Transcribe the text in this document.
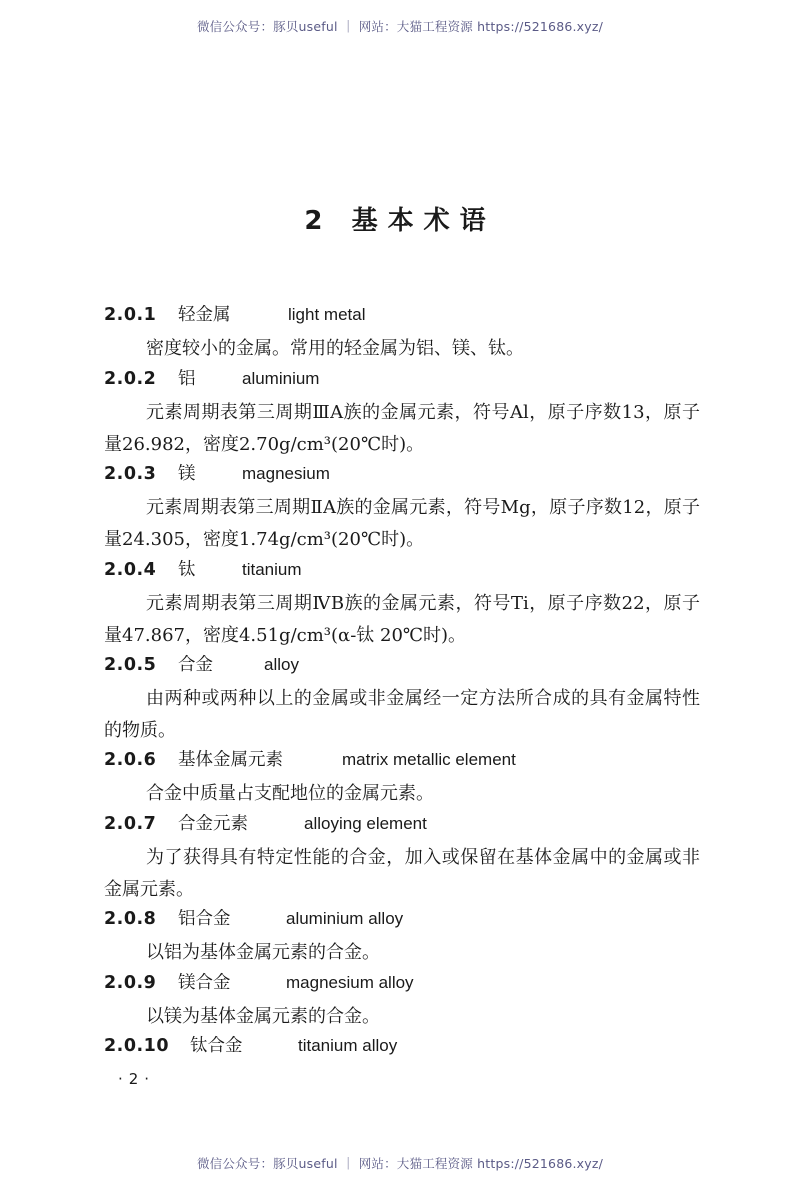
微信公众号：豚贝useful ｜ 网站：大猫工程资源 https://521686.xyz/
2 基本术语
2.0.1 轻金属	light metal
密度较小的金属。常用的轻金属为铝、镁、钛。
2.0.2 铝	aluminium
元素周期表第三周期ⅢA族的金属元素，符号Al，原子序数13，原子量26.982，密度2.70g/cm³(20℃时)。
2.0.3 镁	magnesium
元素周期表第三周期ⅡA族的金属元素，符号Mg，原子序数12，原子量24.305，密度1.74g/cm³(20℃时)。
2.0.4 钛	titanium
元素周期表第三周期ⅣB族的金属元素，符号Ti，原子序数22，原子量47.867，密度4.51g/cm³(α-钛 20℃时)。
2.0.5 合金	alloy
由两种或两种以上的金属或非金属经一定方法所合成的具有金属特性的物质。
2.0.6 基体金属元素	matrix metallic element
合金中质量占支配地位的金属元素。
2.0.7 合金元素	alloying element
为了获得具有特定性能的合金，加入或保留在基体金属中的金属或非金属元素。
2.0.8 铝合金	aluminium alloy
以铝为基体金属元素的合金。
2.0.9 镁合金	magnesium alloy
以镁为基体金属元素的合金。
2.0.10 钛合金	titanium alloy
·2·
微信公众号：豚贝useful ｜ 网站：大猫工程资源 https://521686.xyz/
